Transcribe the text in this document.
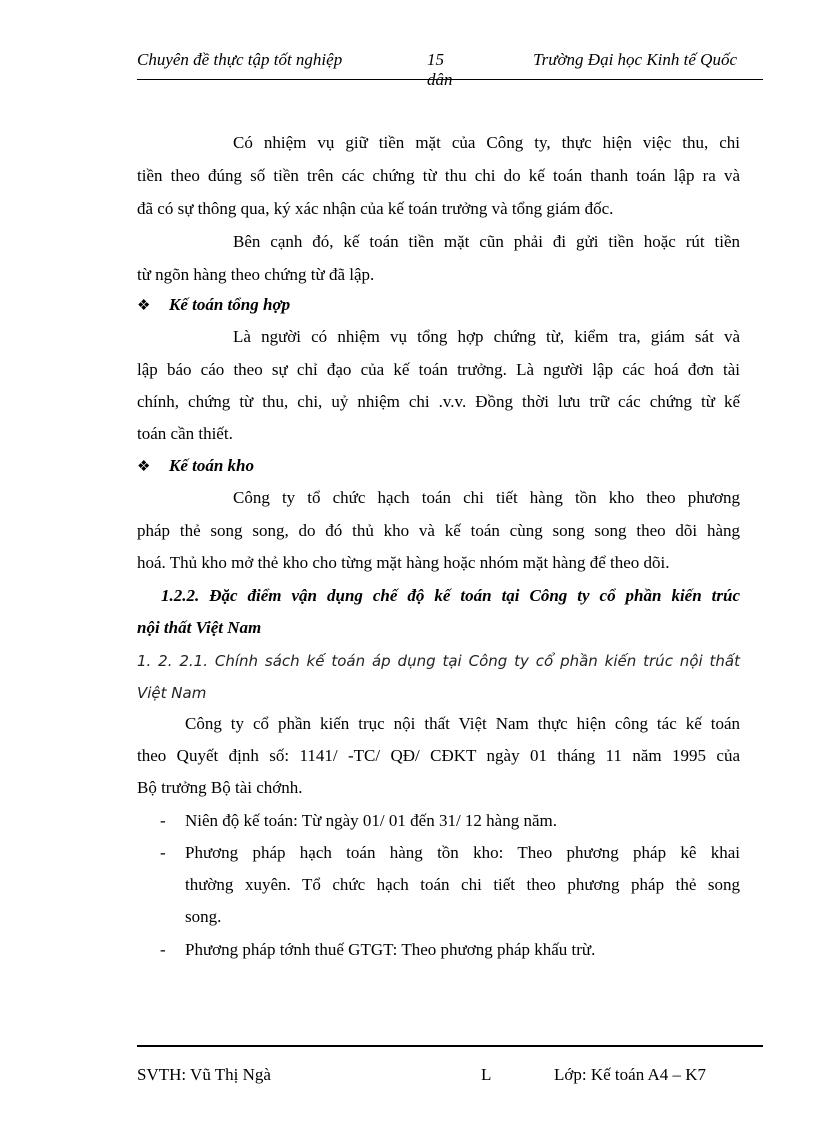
Chuyên đề thực tập tốt nghiệp	15
dân
Trường Đại học Kinh tế Quốc
Có nhiệm vụ giữ tiền mặt của Công ty, thực hiện việc thu, chi
tiền theo đúng số tiền trên các chứng từ thu chi do kế toán thanh toán lập ra và
đã có sự thông qua, ký xác nhận của kế toán trưởng và tổng giám đốc.
Bên cạnh đó, kế toán tiền mặt cũn phải đi gửi tiền hoặc rút tiền
từ ngõn hàng theo chứng từ đã lập.
❖ Kế toán tổng hợp
Là người có nhiệm vụ tổng hợp chứng từ, kiểm tra, giám sát và
lập báo cáo theo sự chỉ đạo của kế toán trưởng. Là người lập các hoá đơn tài
chính, chứng từ thu, chi, uỷ nhiệm chi .v.v. Đồng thời lưu trữ các chứng từ kế
toán cần thiết.
❖ Kế toán kho
Công ty tổ chức hạch toán chi tiết hàng tồn kho theo phương
pháp thẻ song song, do đó thủ kho và kế toán cùng song song theo dõi hàng
hoá. Thủ kho mở thẻ kho cho từng mặt hàng hoặc nhóm mặt hàng để theo dõi.
1.2.2. Đặc điểm vận dụng chế độ kế toán tại Công ty cổ phần kiến trúc
nội thất Việt Nam
1. 2. 2.1. Chính sách kế toán áp dụng tại Công ty cổ phần kiến trúc nội thất
Việt Nam
Công ty cổ phần kiến trục nội thất Việt Nam thực hiện công tác kế toán
theo Quyết định số: 1141/ -TC/ QĐ/ CĐKT ngày 01 tháng 11 năm 1995 của
Bộ trưởng Bộ tài chớnh.
- Niên độ kế toán: Từ ngày 01/ 01 đến 31/ 12 hàng năm.
- Phương pháp hạch toán hàng tồn kho: Theo phương pháp kê khai
thường xuyên. Tổ chức hạch toán chi tiết theo phương pháp thẻ song
song.
- Phương pháp tớnh thuế GTGT: Theo phương pháp khấu trừ.
SVTH: Vũ Thị Ngà	L	Lớp: Kế toán A4 – K7
